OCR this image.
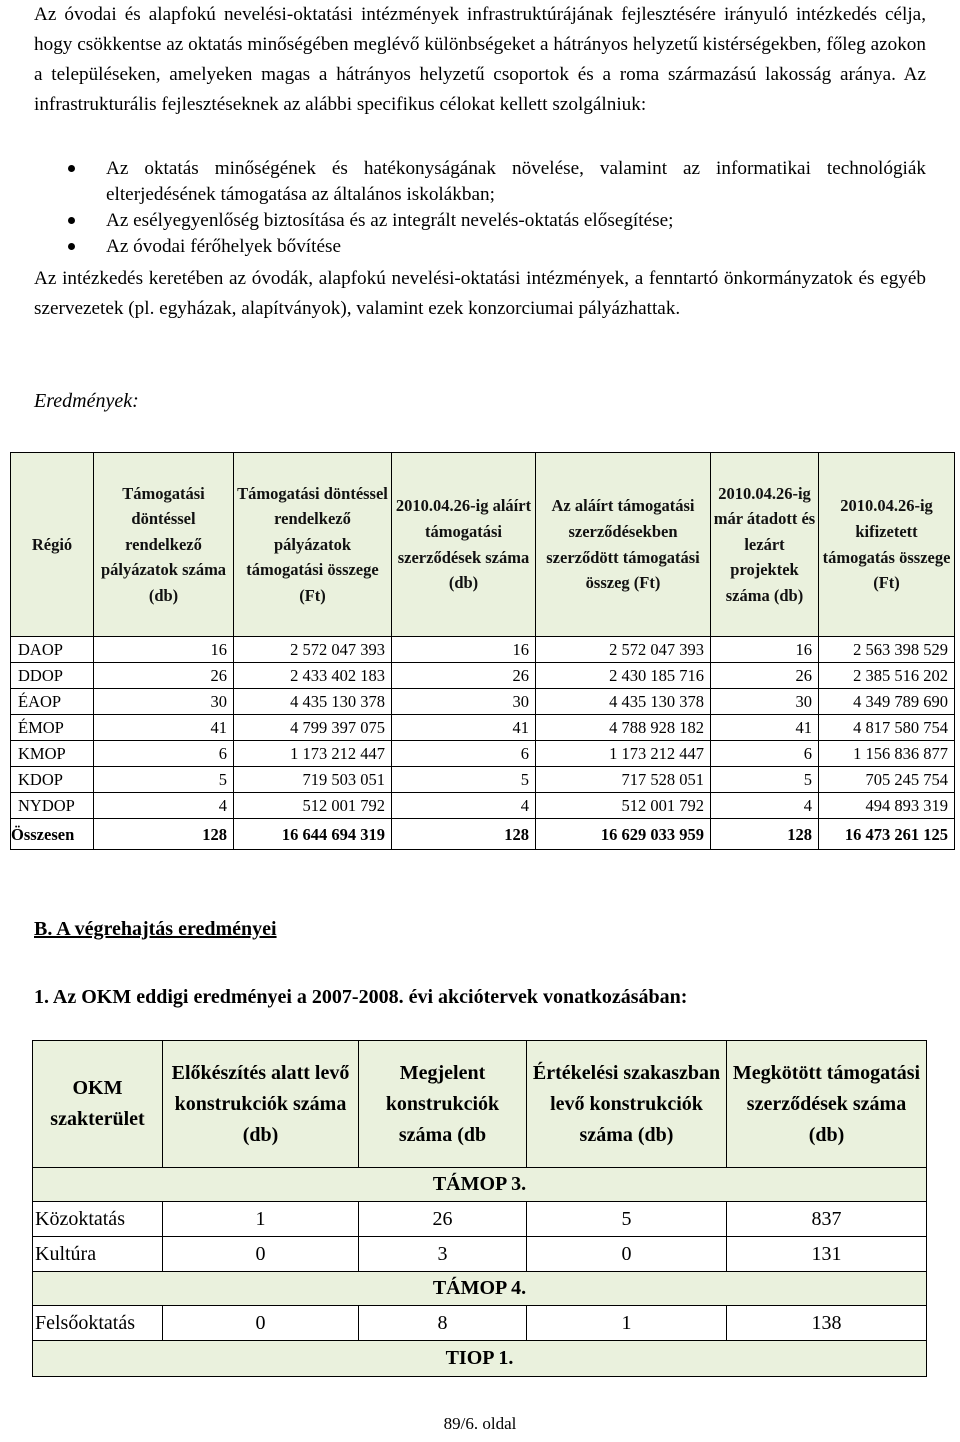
Az óvodai és alapfokú nevelési-oktatási intézmények infrastruktúrájának fejlesztésére irányuló intézkedés célja, hogy csökkentse az oktatás minőségében meglévő különbségeket a hátrányos helyzetű kistérségekben, főleg azokon a településeken, amelyeken magas a hátrányos helyzetű csoportok és a roma származású lakosság aránya. Az infrastrukturális fejlesztéseknek az alábbi specifikus célokat kellett szolgálniuk:
Az oktatás minőségének és hatékonyságának növelése, valamint az informatikai technológiák elterjedésének támogatása az általános iskolákban;
Az esélyegyenlőség biztosítása és az integrált nevelés-oktatás elősegítése;
Az óvodai férőhelyek bővítése
Az intézkedés keretében az óvodák, alapfokú nevelési-oktatási intézmények, a fenntartó önkormányzatok és egyéb szervezetek (pl. egyházak, alapítványok), valamint ezek konzorciumai pályázhattak.
Eredmények:
Régió	Támogatási döntéssel rendelkező pályázatok száma (db)	Támogatási döntéssel rendelkező pályázatok támogatási összege (Ft)	2010.04.26-ig aláírt támogatási szerződések száma (db)	Az aláírt támogatási szerződésekben szerződött támogatási összeg (Ft)	2010.04.26-ig már átadott és lezárt projektek száma (db)	2010.04.26-ig kifizetett támogatás összege (Ft)
DAOP	16	2 572 047 393	16	2 572 047 393	16	2 563 398 529
DDOP	26	2 433 402 183	26	2 430 185 716	26	2 385 516 202
ÉAOP	30	4 435 130 378	30	4 435 130 378	30	4 349 789 690
ÉMOP	41	4 799 397 075	41	4 788 928 182	41	4 817 580 754
KMOP	6	1 173 212 447	6	1 173 212 447	6	1 156 836 877
KDOP	5	719 503 051	5	717 528 051	5	705 245 754
NYDOP	4	512 001 792	4	512 001 792	4	494 893 319
Összesen	128	16 644 694 319	128	16 629 033 959	128	16 473 261 125
B. A végrehajtás eredményei
1. Az OKM eddigi eredményei a 2007-2008. évi akciótervek vonatkozásában:
OKM szakterület	Előkészítés alatt levő konstrukciók száma (db)	Megjelent konstrukciók száma (db	Értékelési szakaszban levő konstrukciók száma (db)	Megkötött támogatási szerződések száma (db)
TÁMOP 3.				
Közoktatás	1	26	5	837
Kultúra	0	3	0	131
TÁMOP 4.				
Felsőoktatás	0	8	1	138
TIOP 1.				
89/6. oldal
